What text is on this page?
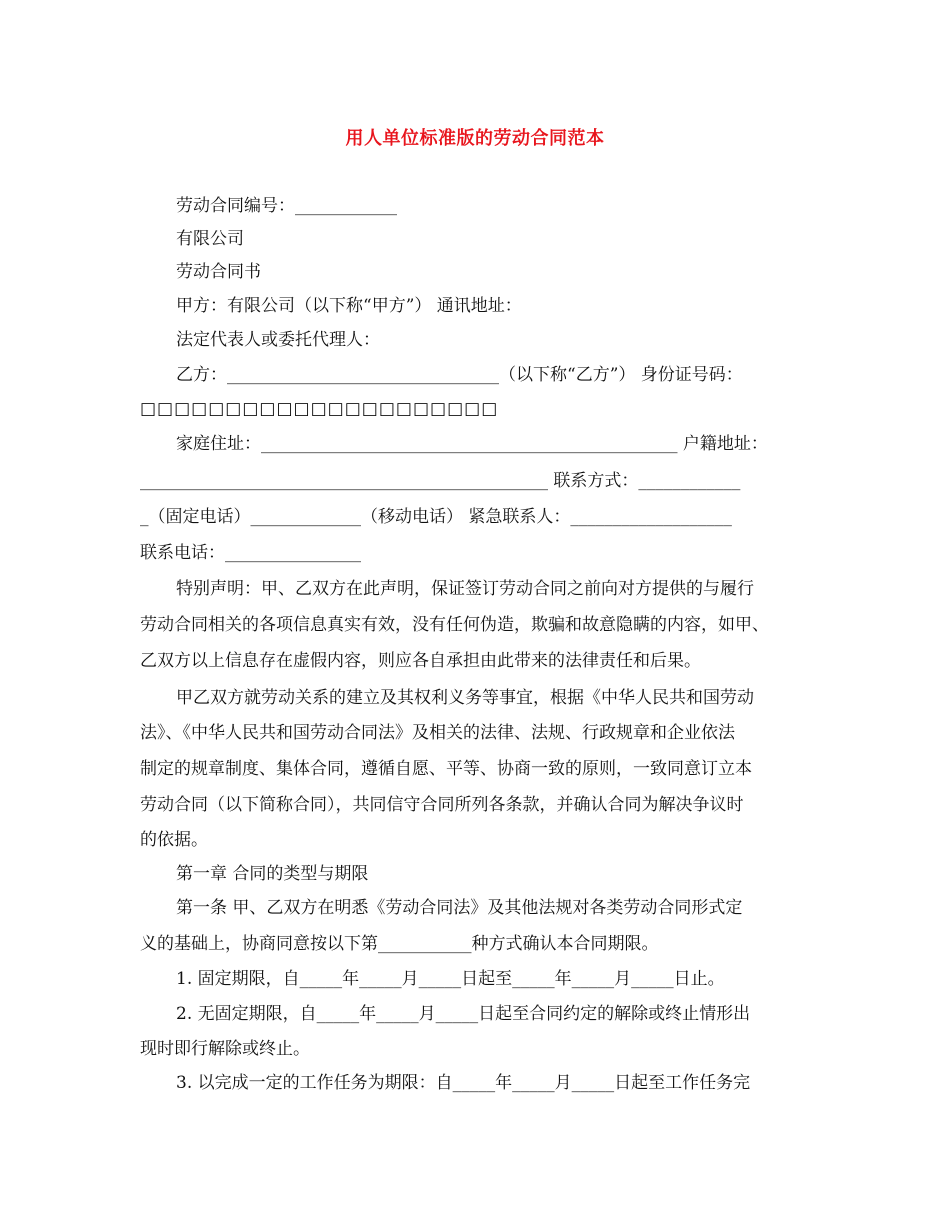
用人单位标准版的劳动合同范本
劳动合同编号：____________
有限公司
劳动合同书
甲方：有限公司（以下称“甲方”） 通讯地址：
法定代表人或委托代理人：
乙方：________________________________（以下称“乙方”） 身份证号码：
□□□□□□□□□□□□□□□□□□□□□
家庭住址：_________________________________________________ 户籍地址：
________________________________________________ 联系方式：____________
_（固定电话）_____________（移动电话） 紧急联系人：___________________
联系电话：________________
特别声明：甲、乙双方在此声明，保证签订劳动合同之前向对方提供的与履行
劳动合同相关的各项信息真实有效，没有任何伪造，欺骗和故意隐瞒的内容，如甲、
乙双方以上信息存在虚假内容，则应各自承担由此带来的法律责任和后果。
甲乙双方就劳动关系的建立及其权利义务等事宜，根据《中华人民共和国劳动
法》、《中华人民共和国劳动合同法》及相关的法律、法规、行政规章和企业依法
制定的规章制度、集体合同，遵循自愿、平等、协商一致的原则，一致同意订立本
劳动合同（以下简称合同），共同信守合同所列各条款，并确认合同为解决争议时
的依据。
第一章 合同的类型与期限
第一条 甲、乙双方在明悉《劳动合同法》及其他法规对各类劳动合同形式定
义的基础上，协商同意按以下第___________种方式确认本合同期限。
1. 固定期限，自_____年_____月_____日起至_____年_____月_____日止。
2. 无固定期限，自_____年_____月_____日起至合同约定的解除或终止情形出
现时即行解除或终止。
3. 以完成一定的工作任务为期限：自_____年_____月_____日起至工作任务完
